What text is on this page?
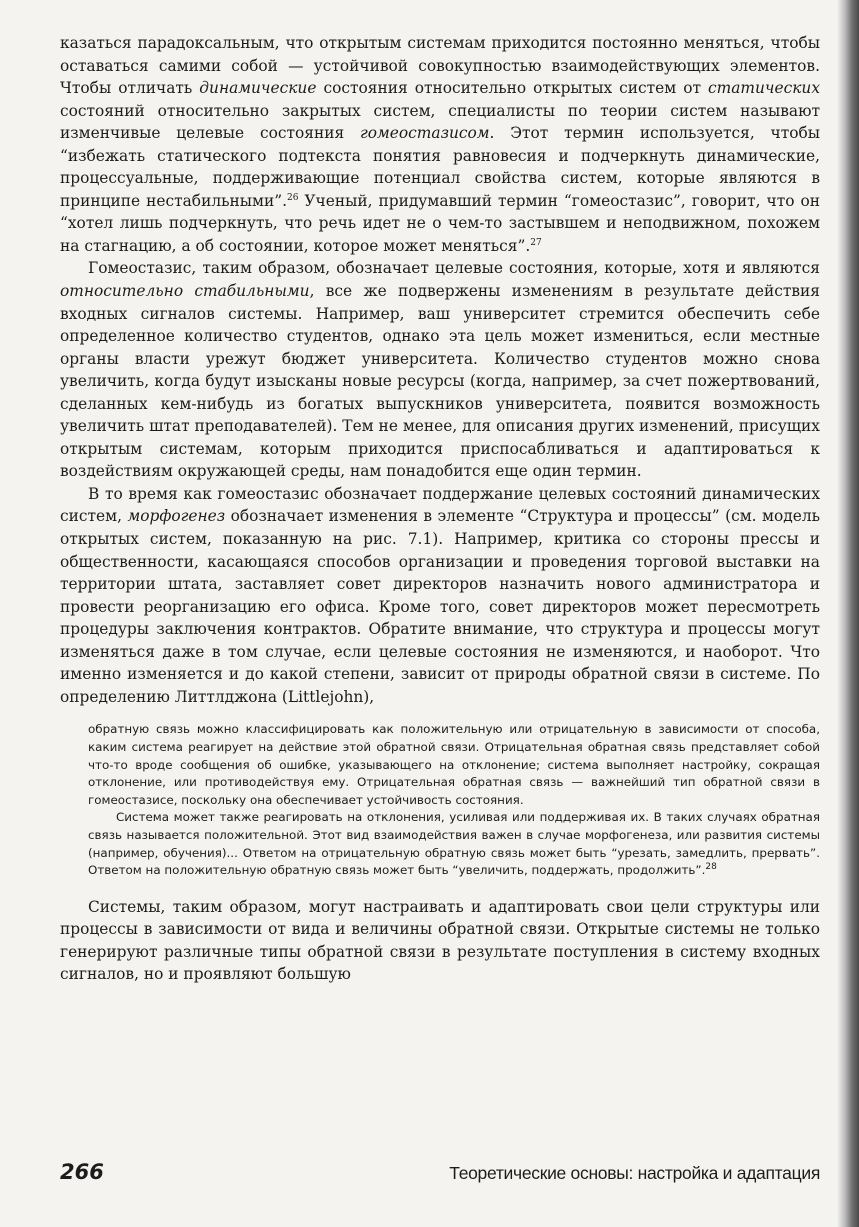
казаться парадоксальным, что открытым системам приходится постоянно меняться, чтобы оставаться самими собой — устойчивой совокупностью взаимодействующих элементов. Чтобы отличать динамические состояния относительно открытых систем от статических состояний относительно закрытых систем, специалисты по теории систем называют изменчивые целевые состояния гомеостазисом. Этот термин используется, чтобы “избежать статического подтекста понятия равновесия и подчеркнуть динамические, процессуальные, поддерживающие потенциал свойства систем, которые являются в принципе нестабильными”.$^{26}$ Ученый, придумавший термин “гомеостазис”, говорит, что он “хотел лишь подчеркнуть, что речь идет не о чем-то застывшем и неподвижном, похожем на стагнацию, а об состоянии, которое может меняться”.$^{27}$

Гомеостазис, таким образом, обозначает целевые состояния, которые, хотя и являются относительно стабильными, все же подвержены изменениям в результате действия входных сигналов системы. Например, ваш университет стремится обеспечить себе определенное количество студентов, однако эта цель может измениться, если местные органы власти урежут бюджет университета. Количество студентов можно снова увеличить, когда будут изысканы новые ресурсы (когда, например, за счет пожертвований, сделанных кем-нибудь из богатых выпускников университета, появится возможность увеличить штат преподавателей). Тем не менее, для описания других изменений, присущих открытым системам, которым приходится приспосабливаться и адаптироваться к воздействиям окружающей среды, нам понадобится еще один термин.

В то время как гомеостазис обозначает поддержание целевых состояний динамических систем, морфогенез обозначает изменения в элементе “Структура и процессы” (см. модель открытых систем, показанную на рис. 7.1). Например, критика со стороны прессы и общественности, касающаяся способов организации и проведения торговой выставки на территории штата, заставляет совет директоров назначить нового администратора и провести реорганизацию его офиса. Кроме того, совет директоров может пересмотреть процедуры заключения контрактов. Обратите внимание, что структура и процессы могут изменяться даже в том случае, если целевые состояния не изменяются, и наоборот. Что именно изменяется и до какой степени, зависит от природы обратной связи в системе. По определению Литтлджона (Littlejohn),

обратную связь можно классифицировать как положительную или отрицательную в зависимости от способа, каким система реагирует на действие этой обратной связи. Отрицательная обратная связь представляет собой что-то вроде сообщения об ошибке, указывающего на отклонение; система выполняет настройку, сокращая отклонение, или противодействуя ему. Отрицательная обратная связь — важнейший тип обратной связи в гомеостазисе, поскольку она обеспечивает устойчивость состояния.

Система может также реагировать на отклонения, усиливая или поддерживая их. В таких случаях обратная связь называется положительной. Этот вид взаимодействия важен в случае морфогенеза, или развития системы (например, обучения)... Ответом на отрицательную обратную связь может быть “урезать, замедлить, прервать”. Ответом на положительную обратную связь может быть “увеличить, поддержать, продолжить”.$^{28}$

Системы, таким образом, могут настраивать и адаптировать свои цели структуры или процессы в зависимости от вида и величины обратной связи. Открытые системы не только генерируют различные типы обратной связи в результате поступления в систему входных сигналов, но и проявляют большую

266	Теоретические основы: настройка и адаптация
